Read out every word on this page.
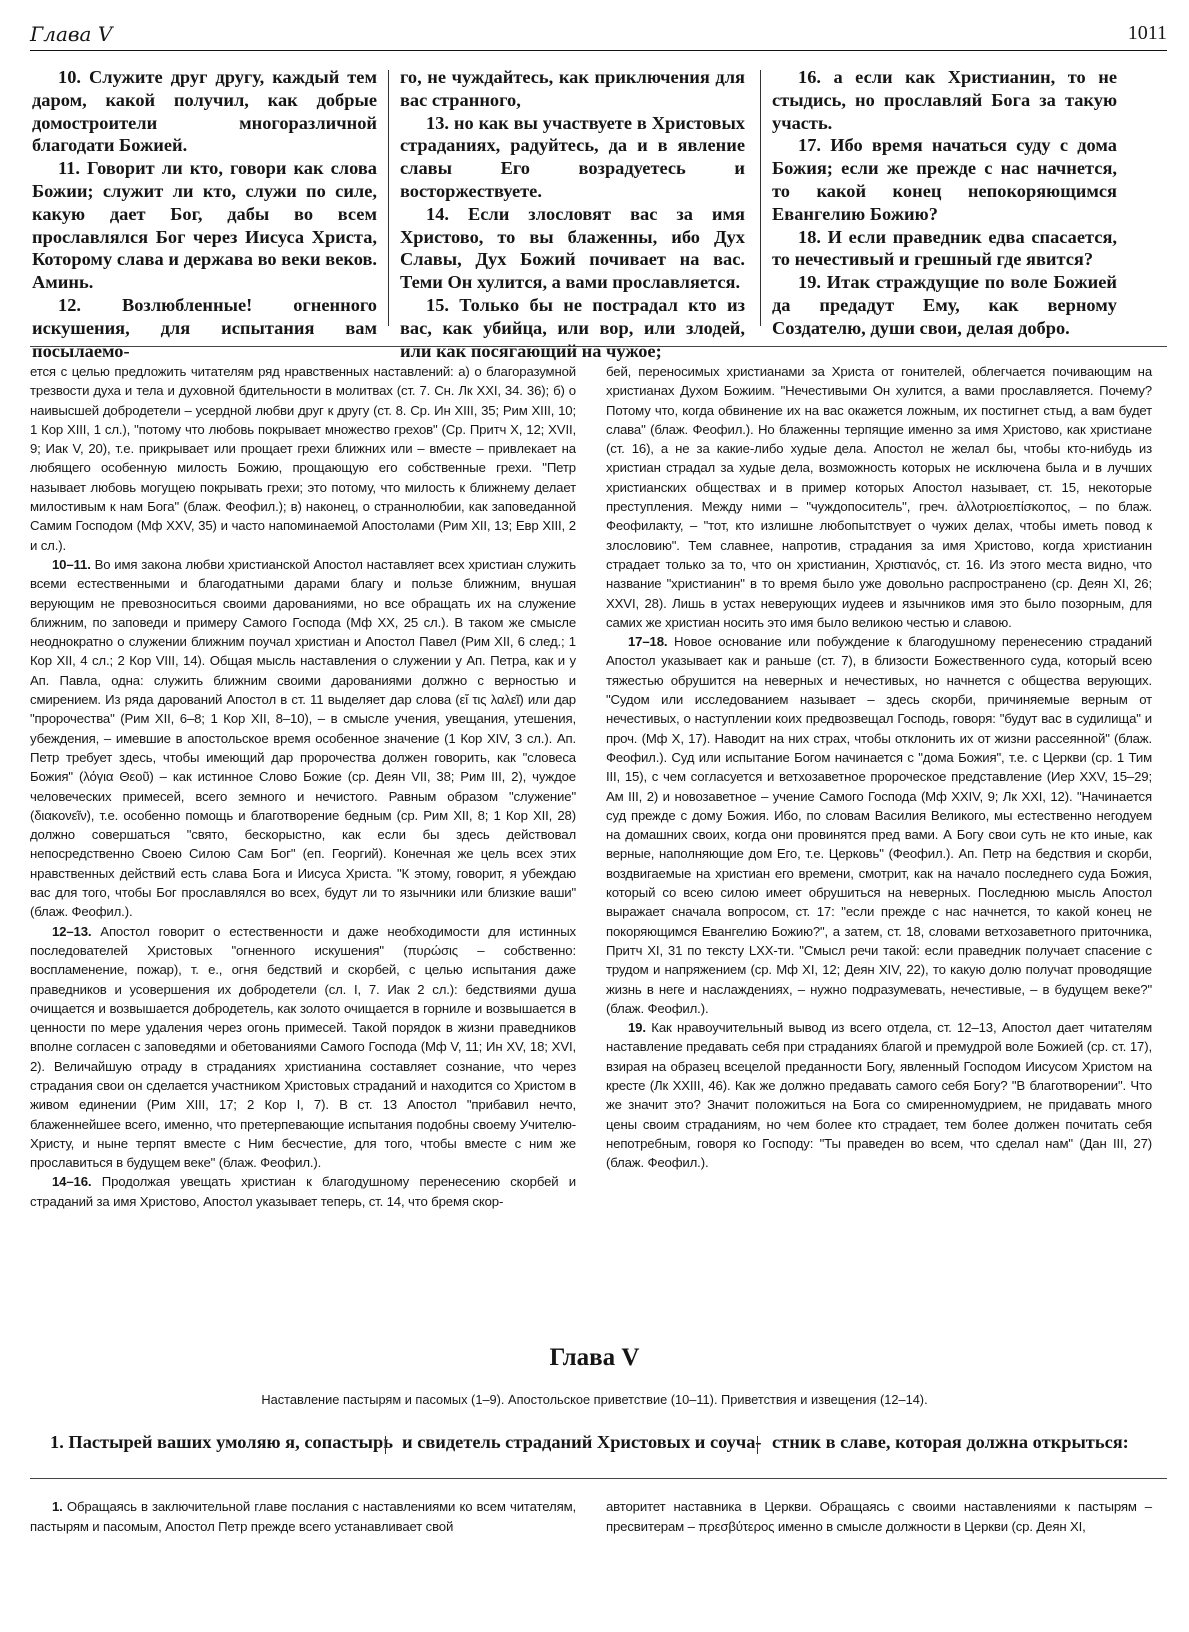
Глава V	1011

10. Служите друг другу, каждый тем даром, какой получил, как добрые домостроители многоразличной благодати Божией.

11. Говорит ли кто, говори как слова Божии; служит ли кто, служи по силе, какую дает Бог, дабы во всем прославлялся Бог через Иисуса Христа, Которому слава и держава во веки веков. Аминь.

12. Возлюбленные! огненного искушения, для испытания вам посылаемо-

го, не чуждайтесь, как приключения для вас странного,

13. но как вы участвуете в Христовых страданиях, радуйтесь, да и в явление славы Его возрадуетесь и восторжествуете.

14. Если злословят вас за имя Христово, то вы блаженны, ибо Дух Славы, Дух Божий почивает на вас. Теми Он хулится, а вами прославляется.

15. Только бы не пострадал кто из вас, как убийца, или вор, или злодей, или как посягающий на чужое;

16. а если как Христианин, то не стыдись, но прославляй Бога за такую участь.

17. Ибо время начаться суду с дома Божия; если же прежде с нас начнется, то какой конец непокоряющимся Евангелию Божию?

18. И если праведник едва спасается, то нечестивый и грешный где явится?

19. Итак страждущие по воле Божией да предадут Ему, как верному Создателю, души свои, делая добро.

ется с целью предложить читателям ряд нравственных наставлений: а) о благоразумной трезвости духа и тела и духовной бдительности в молитвах (ст. 7. Сн. Лк XXI, 34. 36); б) о наивысшей добродетели – усердной любви друг к другу (ст. 8. Ср. Ин XIII, 35; Рим XIII, 10; 1 Кор XIII, 1 сл.), "потому что любовь покрывает множество грехов" (Ср. Притч X, 12; XVII, 9; Иак V, 20), т.е. прикрывает или прощает грехи ближних или – вместе – привлекает на любящего особенную милость Божию, прощающую его собственные грехи. "Петр называет любовь могущею покрывать грехи; это потому, что милость к ближнему делает милостивым к нам Бога" (блаж. Феофил.); в) наконец, о страннолюбии, как заповеданной Самим Господом (Мф XXV, 35) и часто напоминаемой Апостолами (Рим XII, 13; Евр XIII, 2 и сл.).

10–11. Во имя закона любви христианской Апостол наставляет всех христиан служить всеми естественными и благодатными дарами благу и пользе ближним, внушая верующим не превозноситься своими дарованиями, но все обращать их на служение ближним, по заповеди и примеру Самого Господа (Мф XX, 25 сл.). В таком же смысле неоднократно о служении ближним поучал христиан и Апостол Павел (Рим XII, 6 след.; 1 Кор XII, 4 сл.; 2 Кор VIII, 14). Общая мысль наставления о служении у Ап. Петра, как и у Ап. Павла, одна: служить ближним своими дарованиями должно с верностью и смирением. Из ряда дарований Апостол в ст. 11 выделяет дар слова (εἴ τις λαλεῖ) или дар "пророчества" (Рим XII, 6–8; 1 Кор XII, 8–10), – в смысле учения, увещания, утешения, убеждения, – имевшие в апостольское время особенное значение (1 Кор XIV, 3 сл.). Ап. Петр требует здесь, чтобы имеющий дар пророчества должен говорить, как "словеса Божия" (λόγια Θεοῦ) – как истинное Слово Божие (ср. Деян VII, 38; Рим III, 2), чуждое человеческих примесей, всего земного и нечистого. Равным образом "служение" (διακονεῖν), т.е. особенно помощь и благотворение бедным (ср. Рим XII, 8; 1 Кор XII, 28) должно совершаться "свято, бескорыстно, как если бы здесь действовал непосредственно Своею Силою Сам Бог" (еп. Георгий). Конечная же цель всех этих нравственных действий есть слава Бога и Иисуса Христа. "К этому, говорит, я убеждаю вас для того, чтобы Бог прославлялся во всех, будут ли то язычники или близкие ваши" (блаж. Феофил.).

12–13. Апостол говорит о естественности и даже необходимости для истинных последователей Христовых "огненного искушения" (πυρώσις – собственно: воспламенение, пожар), т. е., огня бедствий и скорбей, с целью испытания даже праведников и усовершения их добродетели (сл. I, 7. Иак 2 сл.): бедствиями душа очищается и возвышается добродетель, как золото очищается в горниле и возвышается в ценности по мере удаления через огонь примесей. Такой порядок в жизни праведников вполне согласен с заповедями и обетованиями Самого Господа (Мф V, 11; Ин XV, 18; XVI, 2). Величайшую отраду в страданиях христианина составляет сознание, что через страдания свои он сделается участником Христовых страданий и находится со Христом в живом единении (Рим XIII, 17; 2 Кор I, 7). В ст. 13 Апостол "прибавил нечто, блаженнейшее всего, именно, что претерпевающие испытания подобны своему Учителю-Христу, и ныне терпят вместе с Ним бесчестие, для того, чтобы вместе с ним же прославиться в будущем веке" (блаж. Феофил.).

14–16. Продолжая увещать христиан к благодушному перенесению скорбей и страданий за имя Христово, Апостол указывает теперь, ст. 14, что бремя скор-

бей, переносимых христианами за Христа от гонителей, облегчается почивающим на христианах Духом Божиим. "Нечестивыми Он хулится, а вами прославляется. Почему? Потому что, когда обвинение их на вас окажется ложным, их постигнет стыд, а вам будет слава" (блаж. Феофил.). Но блаженны терпящие именно за имя Христово, как христиане (ст. 16), а не за какие-либо худые дела. Апостол не желал бы, чтобы кто-нибудь из христиан страдал за худые дела, возможность которых не исключена была и в лучших христианских обществах и в пример которых Апостол называет, ст. 15, некоторые преступления. Между ними – "чуждопоситель", греч. ἀλλοτριοεπίσκοπος, – по блаж. Феофилакту, – "тот, кто излишне любопытствует о чужих делах, чтобы иметь повод к злословию". Тем славнее, напротив, страдания за имя Христово, когда христианин страдает только за то, что он христианин, Χριστιανός, ст. 16. Из этого места видно, что название "христианин" в то время было уже довольно распространено (ср. Деян XI, 26; XXVI, 28). Лишь в устах неверующих иудеев и язычников имя это было позорным, для самих же христиан носить это имя было великою честью и славою.

17–18. Новое основание или побуждение к благодушному перенесению страданий Апостол указывает как и раньше (ст. 7), в близости Божественного суда, который всею тяжестью обрушится на неверных и нечестивых, но начнется с общества верующих. "Судом или исследованием называет – здесь скорби, причиняемые верным от нечестивых, о наступлении коих предвозвещал Господь, говоря: "будут вас в судилища" и проч. (Мф X, 17). Наводит на них страх, чтобы отклонить их от жизни рассеянной" (блаж. Феофил.). Суд или испытание Богом начинается с "дома Божия", т.е. с Церкви (ср. 1 Тим III, 15), с чем согласуется и ветхозаветное пророческое представление (Иер XXV, 15–29; Ам III, 2) и новозаветное – учение Самого Господа (Мф XXIV, 9; Лк XXI, 12). "Начинается суд прежде с дому Божия. Ибо, по словам Василия Великого, мы естественно негодуем на домашних своих, когда они провинятся пред вами. А Богу свои суть не кто иные, как верные, наполняющие дом Его, т.е. Церковь" (Феофил.). Ап. Петр на бедствия и скорби, воздвигаемые на христиан его времени, смотрит, как на начало последнего суда Божия, который со всею силою имеет обрушиться на неверных. Последнюю мысль Апостол выражает сначала вопросом, ст. 17: "если прежде с нас начнется, то какой конец не покоряющимся Евангелию Божию?", а затем, ст. 18, словами ветхозаветного приточника, Притч XI, 31 по тексту LXX-ти. "Смысл речи такой: если праведник получает спасение с трудом и напряжением (ср. Мф XI, 12; Деян XIV, 22), то какую долю получат проводящие жизнь в неге и наслаждениях, – нужно подразумевать, нечестивые, – в будущем веке?" (блаж. Феофил.).

19. Как нравоучительный вывод из всего отдела, ст. 12–13, Апостол дает читателям наставление предавать себя при страданиях благой и премудрой воле Божией (ср. ст. 17), взирая на образец всецелой преданности Богу, явленный Господом Иисусом Христом на кресте (Лк XXIII, 46). Как же должно предавать самого себя Богу? "В благотворении". Что же значит это? Значит положиться на Бога со смиренномудрием, не придавать много цены своим страданиям, но чем более кто страдает, тем более должен почитать себя непотребным, говоря ко Господу: "Ты праведен во всем, что сделал нам" (Дан III, 27) (блаж. Феофил.).

Глава V
Наставление пастырям и пасомых (1–9). Апостольское приветствие (10–11). Приветствия и извещения (12–14).
1. Пастырей ваших умоляю я, сопастырь и свидетель страданий Христовых и соуча- стник в славе, которая должна открыться:

1. Обращаясь в заключительной главе послания с наставлениями ко всем читателям, пастырям и пасомым, Апостол Петр прежде всего устанавливает свой

авторитет наставника в Церкви. Обращаясь с своими наставлениями к пастырям – пресвитерам – πρεσβύτερος именно в смысле должности в Церкви (ср. Деян XI,
